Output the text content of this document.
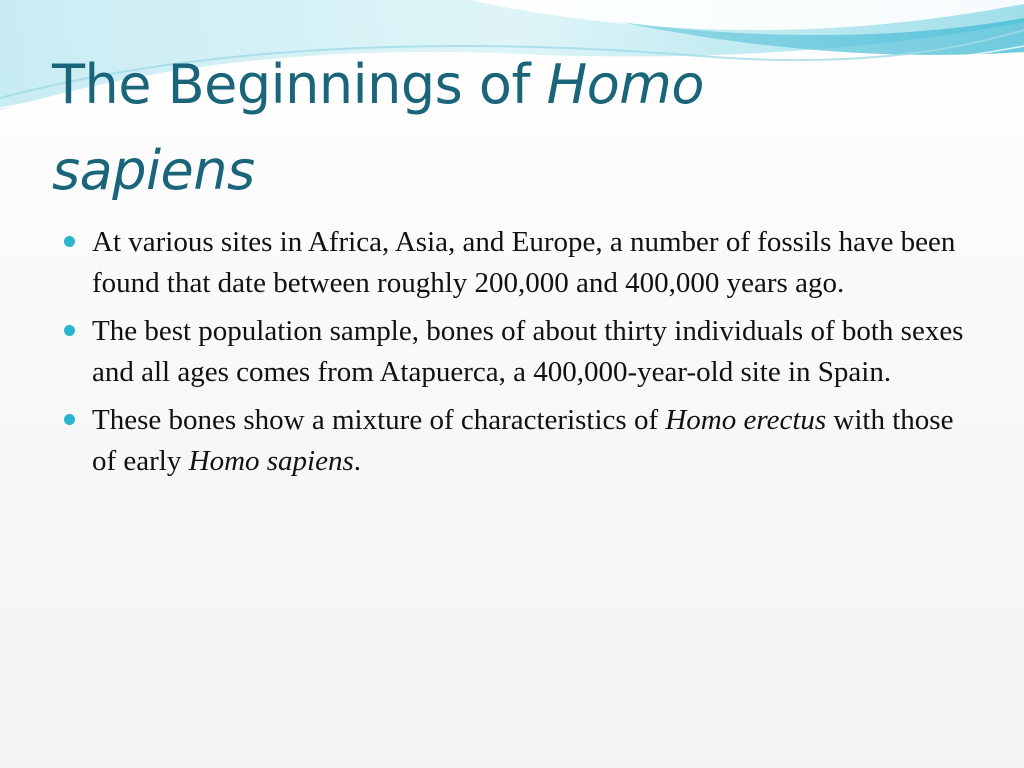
The Beginnings of Homo
sapiens
At various sites in Africa, Asia, and Europe, a number of fossils have been found that date between roughly 200,000 and 400,000 years ago.
The best population sample, bones of about thirty individuals of both sexes and all ages comes from Atapuerca, a 400,000-year-old site in Spain.
These bones show a mixture of characteristics of Homo erectus with those of early Homo sapiens.
